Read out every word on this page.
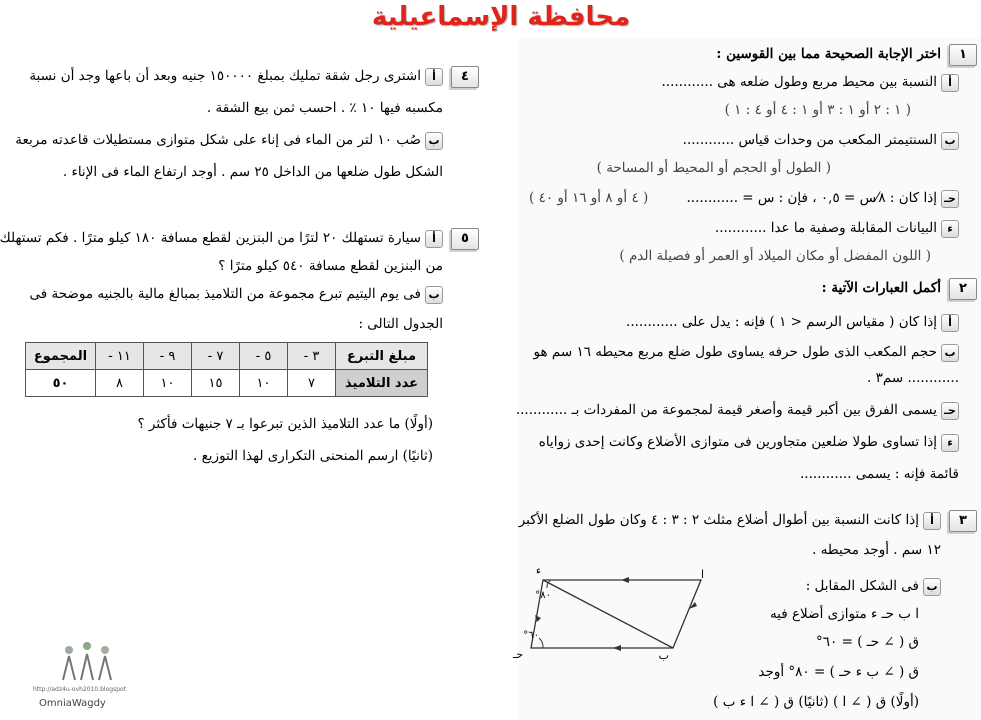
محافظة الإسماعيلية
١
اختر الإجابة الصحيحة مما بين القوسين :
أالنسبة بين محيط مربع وطول ضلعه هى ............
( ١ : ٢ أو ١ : ٣ أو ١ : ٤ أو ٤ : ١ )
بالسنتيمتر المكعب من وحدات قياس ............
( الطول أو الحجم أو المحيط أو المساحة )
حـإذا كان : ٨⁄س = ٠,٥ ، فإن : س = ............
( ٤ أو ٨ أو ١٦ أو ٤٠ )
ءالبيانات المقابلة وصفية ما عدا ............
( اللون المفضل أو مكان الميلاد أو العمر أو فصيلة الدم )
٢
أكمل العبارات الآتية :
أإذا كان ( مقياس الرسم < ١ ) فإنه : يدل على ............
بحجم المكعب الذى طول حرفه يساوى طول ضلع مربع محيطه ١٦ سم هو
............ سم٣ .
حـيسمى الفرق بين أكبر قيمة وأصغر قيمة لمجموعة من المفردات بـ ............
ءإذا تساوى طولا ضلعين متجاورين فى متوازى الأضلاع وكانت إحدى زواياه
قائمة فإنه : يسمى ............
٣
أإذا كانت النسبة بين أطوال أضلاع مثلث ٢ : ٣ : ٤ وكان طول الضلع الأكبر
١٢ سم . أوجد محيطه .
بفى الشكل المقابل :
ا ب حـ ء متوازى أضلاع فيه
ق ( ∠ حـ ) = ٦٠°
ق ( ∠ ب ء حـ ) = ٨٠° أوجد
(أولًا) ق ( ∠ ا ) (ثانيًا) ق ( ∠ ا ء ب )
ا
ب
حـ
ء
٨٠°
٦٠°
٤
أاشترى رجل شقة تمليك بمبلغ ١٥٠٠٠٠ جنيه وبعد أن باعها وجد أن نسبة
مكسبه فيها ١٠ ٪ . احسب ثمن بيع الشقة .
بصُب ١٠ لتر من الماء فى إناء على شكل متوازى مستطيلات قاعدته مربعة
الشكل طول ضلعها من الداخل ٢٥ سم . أوجد ارتفاع الماء فى الإناء .
٥
أسيارة تستهلك ٢٠ لترًا من البنزين لقطع مسافة ١٨٠ كيلو مترًا . فكم تستهلك
من البنزين لقطع مسافة ٥٤٠ كيلو مترًا ؟
بفى يوم اليتيم تبرع مجموعة من التلاميذ بمبالغ مالية بالجنيه موضحة فى
الجدول التالى :
مبلغ التبرع	٣ -	٥ -	٧ -	٩ -	١١ -	المجموع
عدد التلاميذ	٧	١٠	١٥	١٠	٨	٥٠
(أولًا) ما عدد التلاميذ الذين تبرعوا بـ ٧ جنيهات فأكثر ؟
(ثانيًا) ارسم المنحنى التكرارى لهذا التوزيع .
http://adz4u-ovh2010.blogspot
OmniaWagdy
